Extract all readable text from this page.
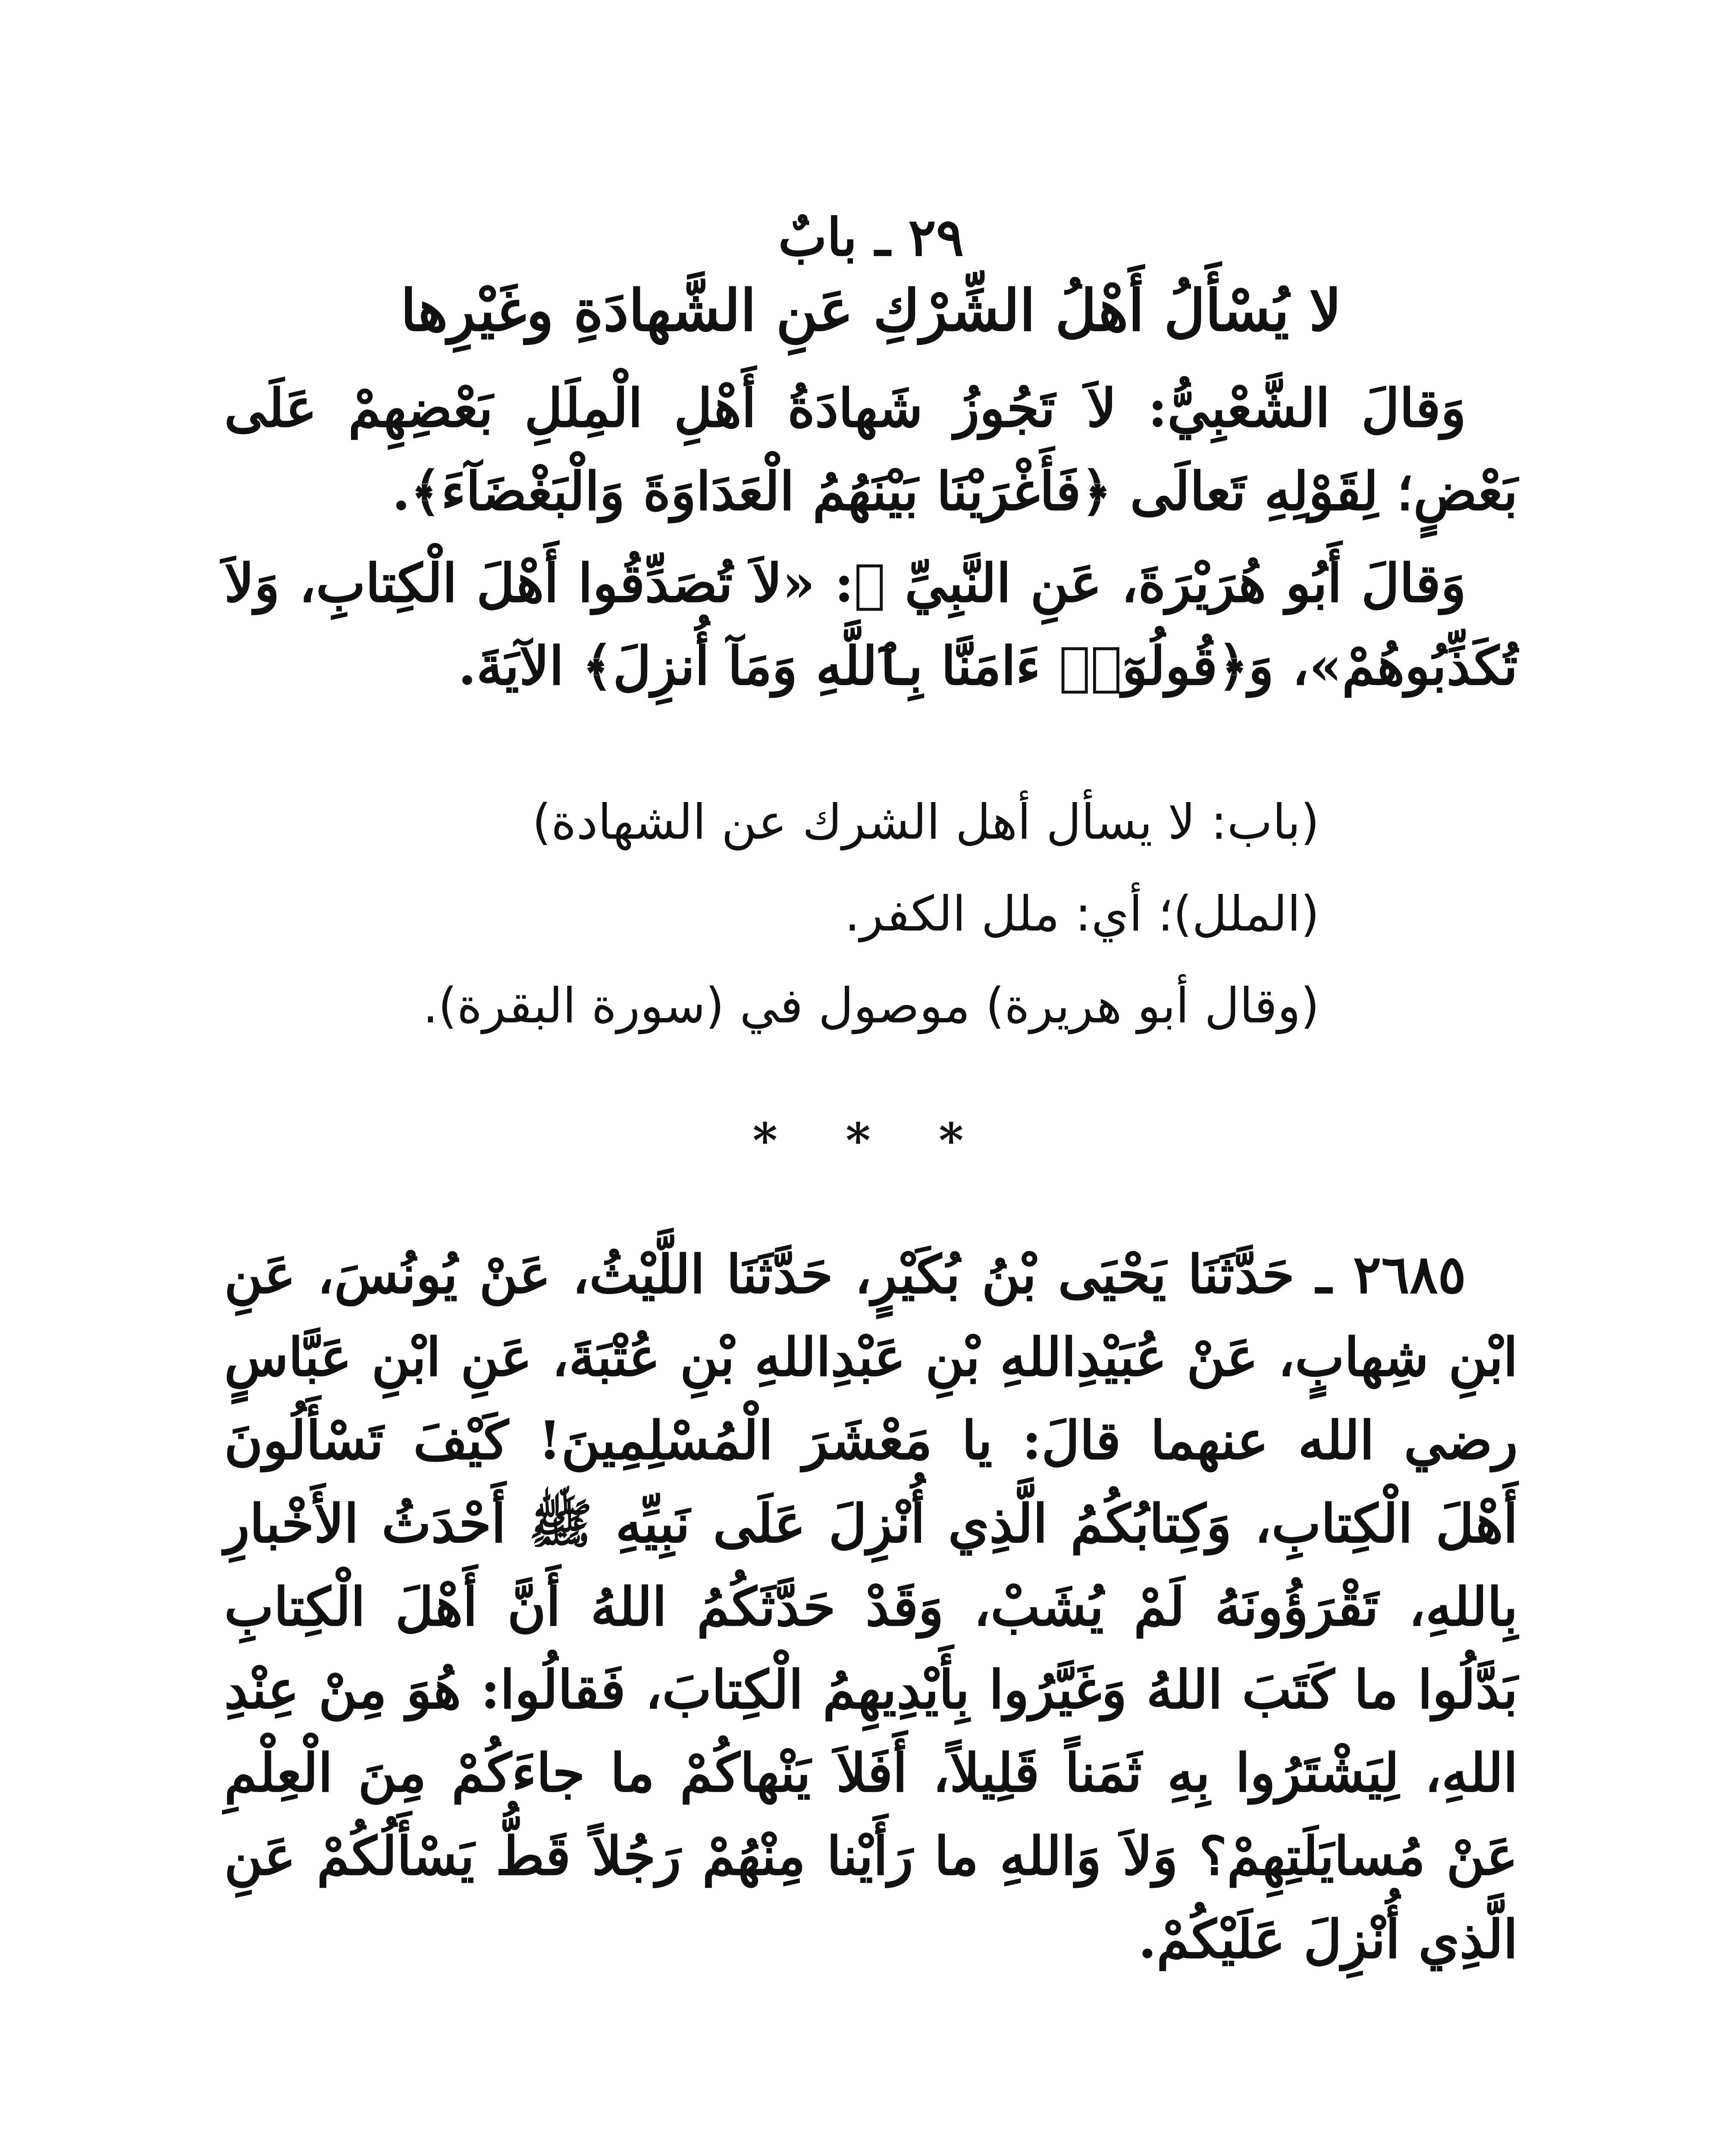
٢٩ ـ بابٌ

لا يُسْأَلُ أَهْلُ الشِّرْكِ عَنِ الشَّهادَةِ وغَيْرِها

وَقالَ الشَّعْبِيُّ: لاَ تَجُوزُ شَهادَةُ أَهْلِ الْمِلَلِ بَعْضِهِمْ عَلَى بَعْضٍ؛ لِقَوْلِهِ تَعالَى ﴿فَأَغْرَيْنَا بَيْنَهُمُ الْعَدَاوَةَ وَالْبَغْضَآءَ﴾.

وَقالَ أَبُو هُرَيْرَةَ، عَنِ النَّبِيِّ ﷺ: «لاَ تُصَدِّقُوا أَهْلَ الْكِتابِ، وَلاَ تُكَذِّبُوهُمْ»، وَ﴿قُولُوٓا۟ ءَامَنَّا بِٱللَّهِ وَمَآ أُنزِلَ﴾ الآيَةَ.

(باب: لا يسأل أهل الشرك عن الشهادة)

(الملل)؛ أي: ملل الكفر.

(وقال أبو هريرة) موصول في (سورة البقرة).

* * *

٢٦٨٥ ـ حَدَّثَنَا يَحْيَى بْنُ بُكَيْرٍ، حَدَّثَنَا اللَّيْثُ، عَنْ يُونُسَ، عَنِ ابْنِ شِهابٍ، عَنْ عُبَيْدِاللهِ بْنِ عَبْدِاللهِ بْنِ عُتْبَةَ، عَنِ ابْنِ عَبَّاسٍ رضي الله عنهما قالَ: يا مَعْشَرَ الْمُسْلِمِينَ! كَيْفَ تَسْأَلُونَ أَهْلَ الْكِتابِ، وَكِتابُكُمُ الَّذِي أُنْزِلَ عَلَى نَبِيِّهِ ﷺ أَحْدَثُ الأَخْبارِ بِاللهِ، تَقْرَؤُونَهُ لَمْ يُشَبْ، وَقَدْ حَدَّثَكُمُ اللهُ أَنَّ أَهْلَ الْكِتابِ بَدَّلُوا ما كَتَبَ اللهُ وَغَيَّرُوا بِأَيْدِيهِمُ الْكِتابَ، فَقالُوا: هُوَ مِنْ عِنْدِ اللهِ، لِيَشْتَرُوا بِهِ ثَمَناً قَلِيلاً، أَفَلاَ يَنْهاكُمْ ما جاءَكُمْ مِنَ الْعِلْمِ عَنْ مُسايَلَتِهِمْ؟ وَلاَ وَاللهِ ما رَأَيْنا مِنْهُمْ رَجُلاً قَطُّ يَسْأَلُكُمْ عَنِ الَّذِي أُنْزِلَ عَلَيْكُمْ.
